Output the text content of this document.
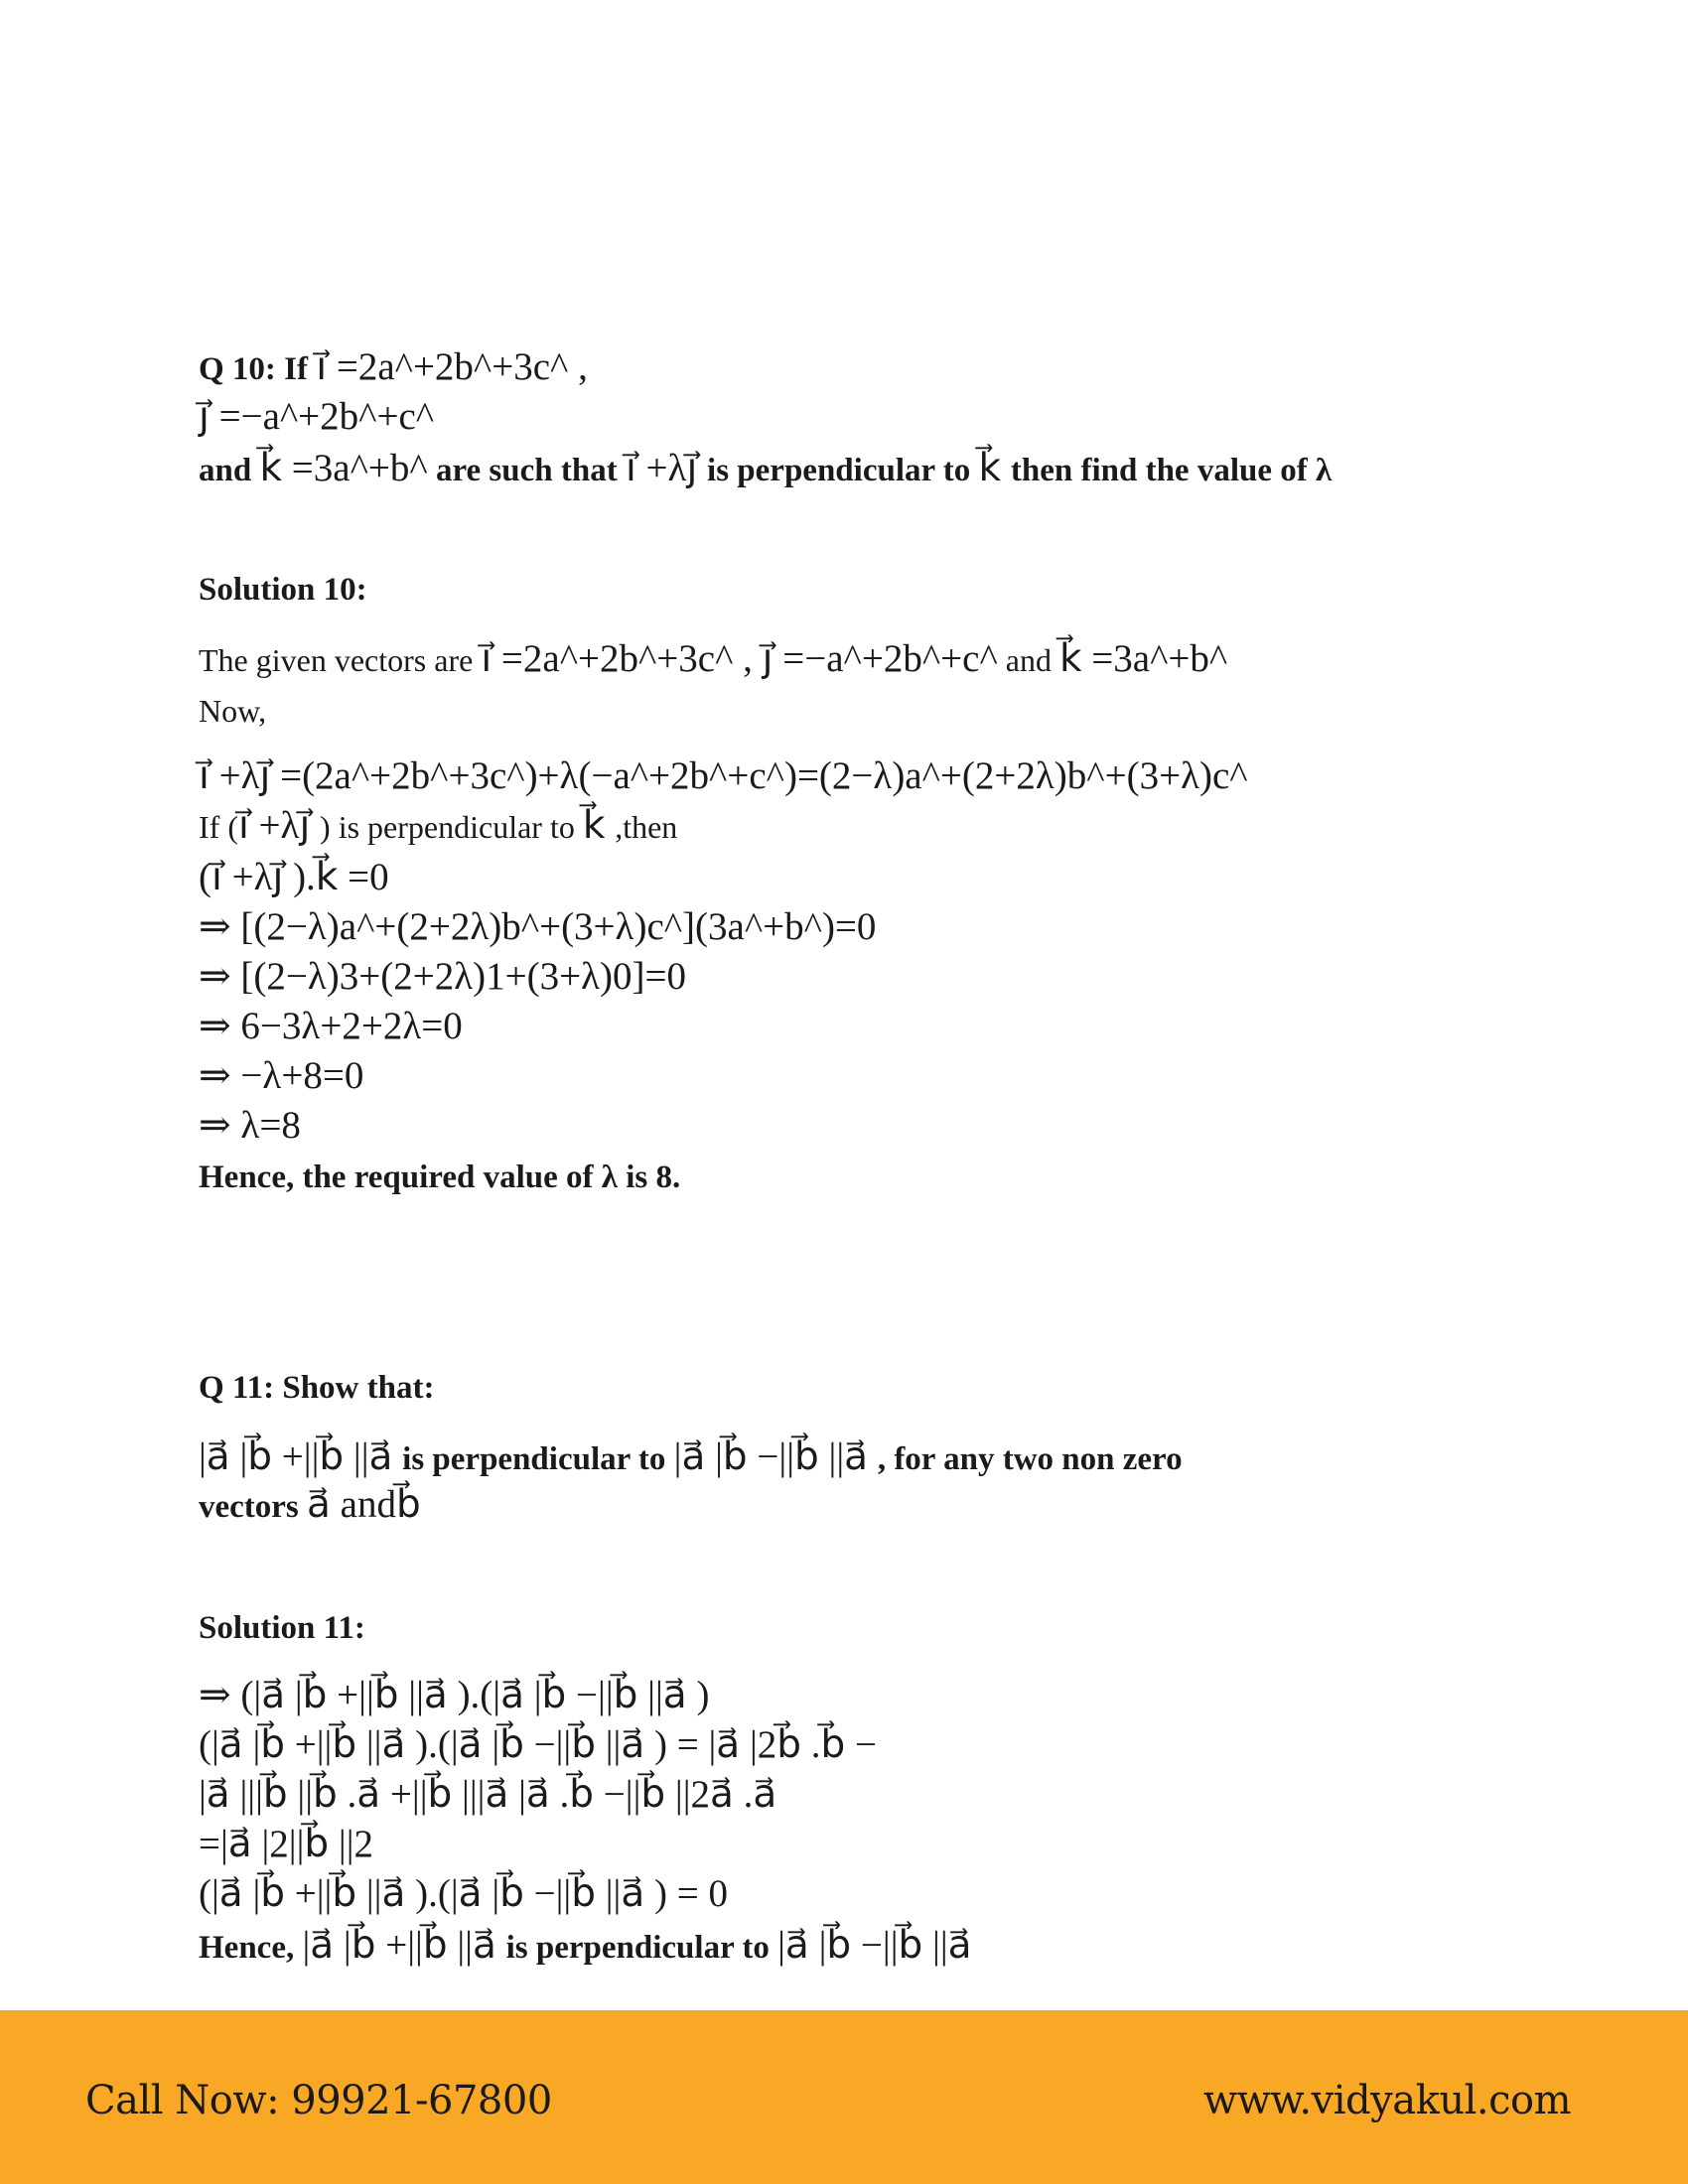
Q 10: If i⃗ =2a^+2b^+3c^ ,
j⃗ =−a^+2b^+c^
and k⃗ =3a^+b^ are such that i⃗ +λj⃗ is perpendicular to k⃗ then find the value of λ
Solution 10:
The given vectors are i⃗ =2a^+2b^+3c^ , j⃗ =−a^+2b^+c^ and k⃗ =3a^+b^
Now,
i⃗ +λj⃗ =(2a^+2b^+3c^)+λ(−a^+2b^+c^)=(2−λ)a^+(2+2λ)b^+(3+λ)c^
If (i⃗ +λj⃗ ) is perpendicular to k⃗ ,then
(i⃗ +λj⃗ ).k⃗ =0
⇒ [(2−λ)a^+(2+2λ)b^+(3+λ)c^](3a^+b^)=0
⇒ [(2−λ)3+(2+2λ)1+(3+λ)0]=0
⇒ 6−3λ+2+2λ=0
⇒ −λ+8=0
⇒ λ=8
Hence, the required value of λ is 8.
Q 11: Show that:
|a⃗ |b⃗ +||b⃗ ||a⃗ is perpendicular to |a⃗ |b⃗ −||b⃗ ||a⃗ , for any two non zero
vectors a⃗ andb⃗
Solution 11:
⇒ (|a⃗ |b⃗ +||b⃗ ||a⃗ ).(|a⃗ |b⃗ −||b⃗ ||a⃗ )
(|a⃗ |b⃗ +||b⃗ ||a⃗ ).(|a⃗ |b⃗ −||b⃗ ||a⃗ ) = |a⃗ |2b⃗ .b⃗ −
|a⃗ |||b⃗ ||b⃗ .a⃗ +||b⃗ |||a⃗ |a⃗ .b⃗ −||b⃗ ||2a⃗ .a⃗
=|a⃗ |2||b⃗ ||2
(|a⃗ |b⃗ +||b⃗ ||a⃗ ).(|a⃗ |b⃗ −||b⃗ ||a⃗ ) = 0
Hence, |a⃗ |b⃗ +||b⃗ ||a⃗ is perpendicular to |a⃗ |b⃗ −||b⃗ ||a⃗
Call Now: 99921-67800	www.vidyakul.com
